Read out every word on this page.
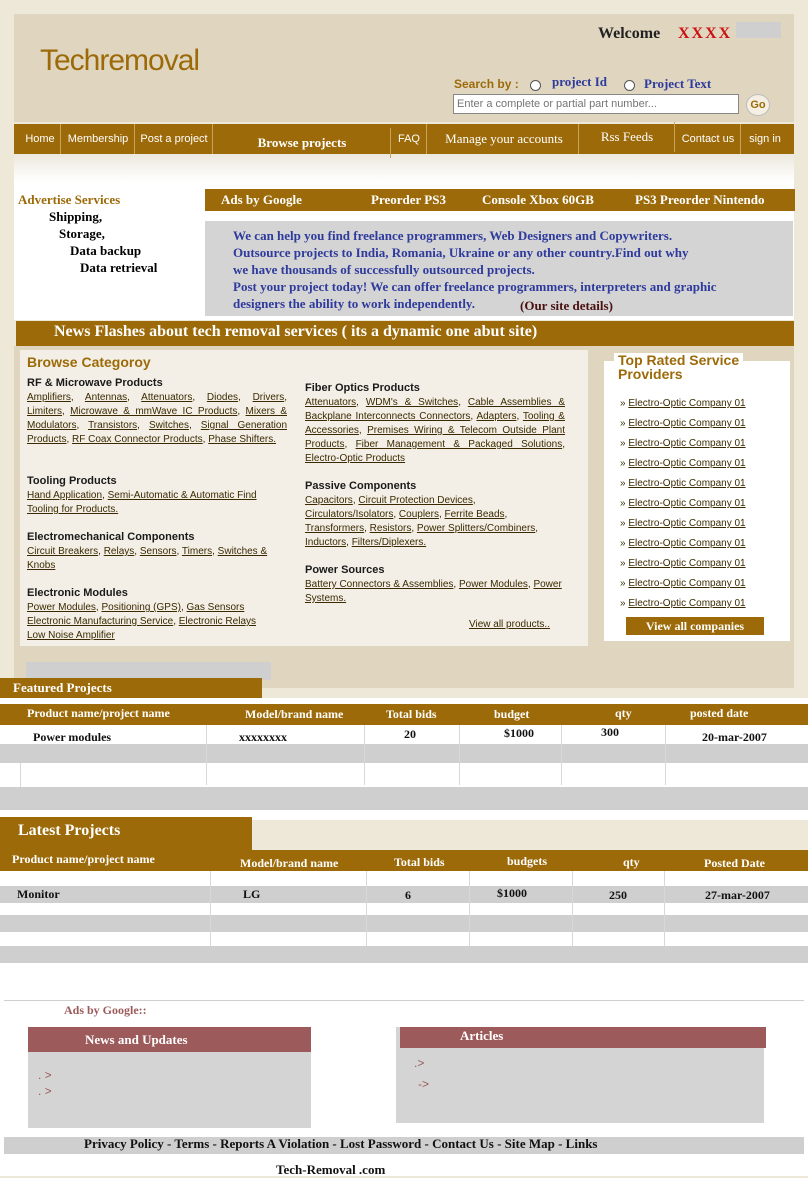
Techremoval
Welcome XXXX
Search by :	project Id	Project Text
Enter a complete or partial part number...
Go
Home	Membership	Post a project	Browse projects	FAQ	Manage your accounts	Rss Feeds	Contact us	sign in
Advertise Services
Shipping,
Storage,
Data backup
Data retrieval
Ads by Google	Preorder PS3	Console Xbox 60GB	PS3 Preorder Nintendo
We can help you find freelance programmers, Web Designers and Copywriters.
Outsource projects to India, Romania, Ukraine or any other country.Find out why
we have thousands of successfully outsourced projects.
Post your project today! We can offer freelance programmers, interpreters and graphic
designers the ability to work independently.	(Our site details)
News Flashes about tech removal services ( its a dynamic one abut site)
Browse Categoroy
RF & Microwave Products
Amplifiers, Antennas, Attenuators, Diodes, Drivers, Limiters, Microwave & mmWave IC Products, Mixers & Modulators, Transistors, Switches, Signal Generation Products, RF Coax Connector Products, Phase Shifters.
Tooling Products
Hand Application, Semi-Automatic & Automatic Find Tooling for Products.
Electromechanical Components
Circuit Breakers, Relays, Sensors, Timers, Switches & Knobs
Electronic Modules
Power Modules, Positioning (GPS), Gas Sensors Electronic Manufacturing Service, Electronic Relays Low Noise Amplifier
Fiber Optics Products
Attenuators, WDM's & Switches, Cable Assemblies & Backplane Interconnects Connectors, Adapters, Tooling & Accessories, Premises Wiring & Telecom Outside Plant Products, Fiber Management & Packaged Solutions, Electro-Optic Products
Passive Components
Capacitors, Circuit Protection Devices, Circulators/Isolators, Couplers, Ferrite Beads, Transformers, Resistors, Power Splitters/Combiners, Inductors, Filters/Diplexers.
Power Sources
Battery Connectors & Assemblies, Power Modules, Power Systems.
View all products..
Top Rated Service
Providers
» Electro-Optic Company 01
» Electro-Optic Company 01
» Electro-Optic Company 01
» Electro-Optic Company 01
» Electro-Optic Company 01
» Electro-Optic Company 01
» Electro-Optic Company 01
» Electro-Optic Company 01
» Electro-Optic Company 01
» Electro-Optic Company 01
» Electro-Optic Company 01
View all companies
Featured Projects
Product name/project name	Model/brand name	Total bids	budget	qty	posted date
Power modules	xxxxxxxx	20	$1000	300	20-mar-2007
Latest Projects
Product name/project name	Model/brand name	Total bids	budgets	qty	Posted Date
Monitor	LG	6	$1000	250	27-mar-2007
Ads by Google::
News and Updates
. >
. >
Articles
.>
->
Privacy Policy - Terms - Reports A Violation - Lost Password - Contact Us - Site Map - Links
Tech-Removal .com
